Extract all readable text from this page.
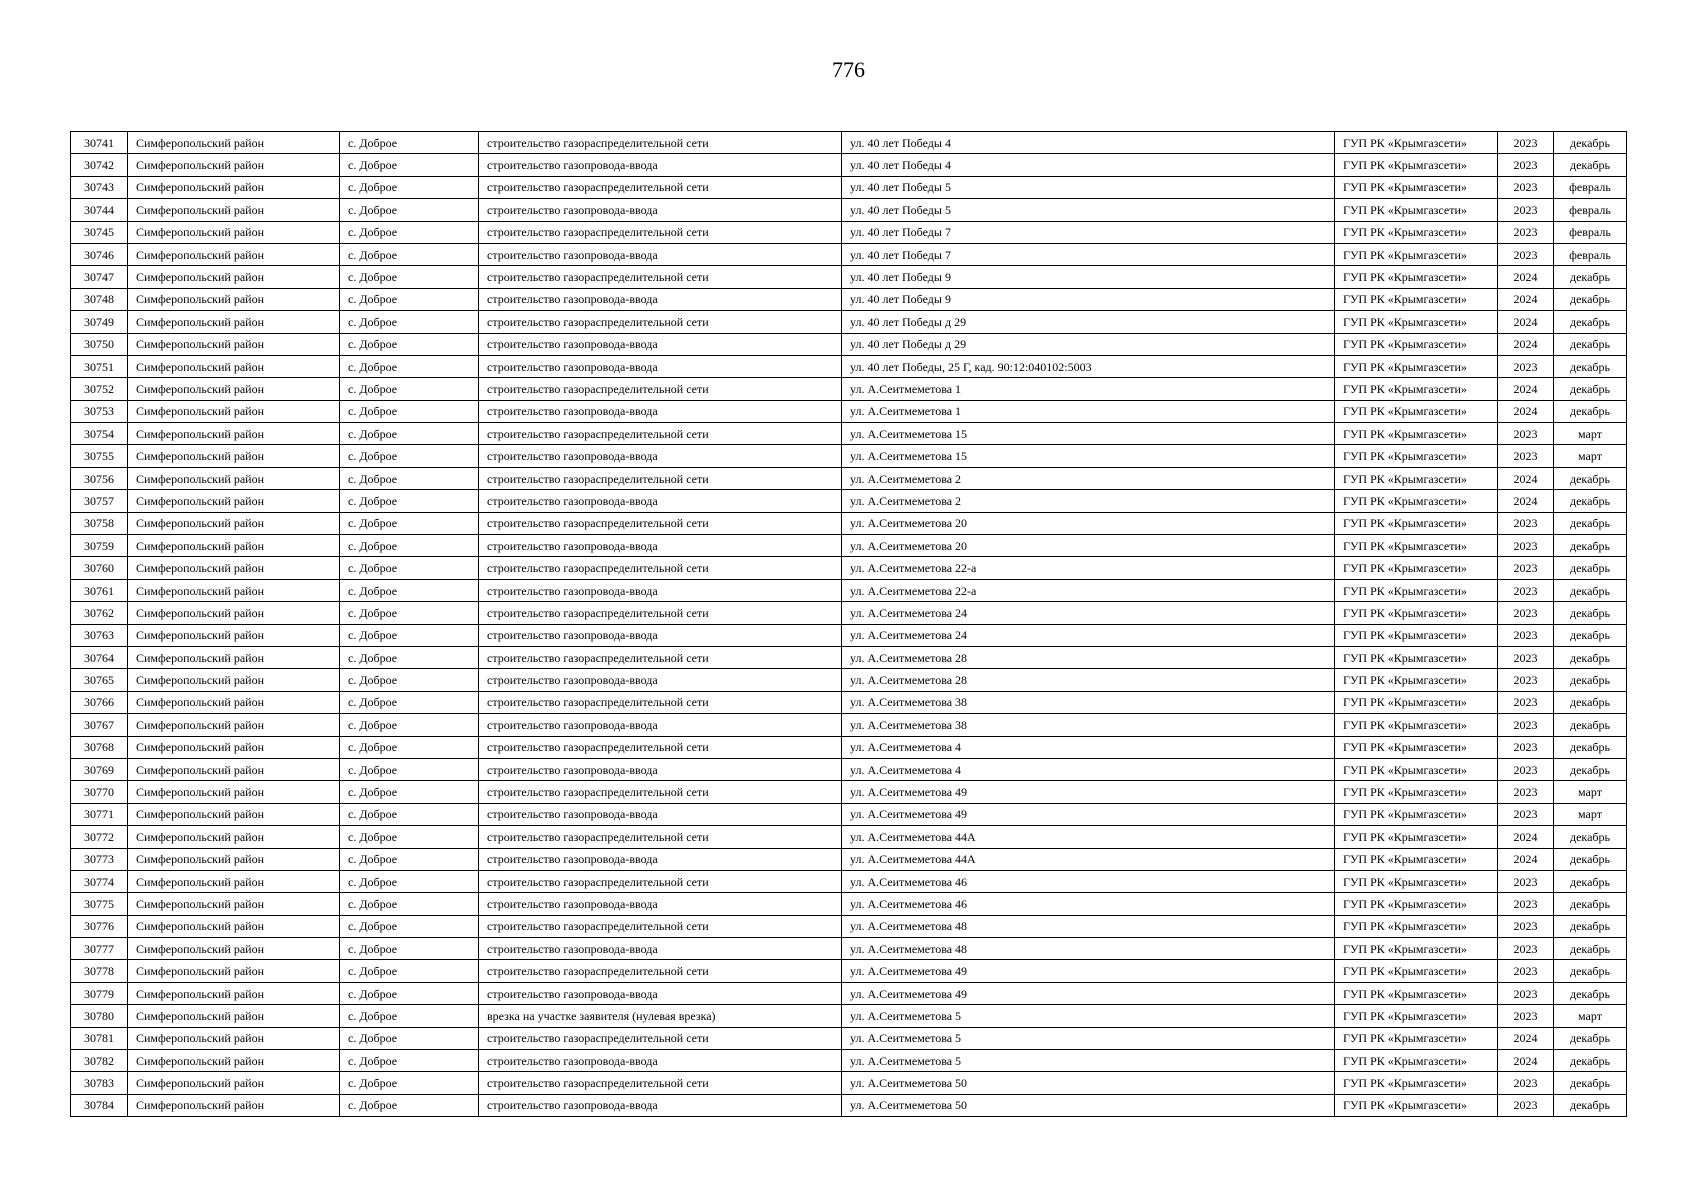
776
30741	Симферопольский район	с. Доброе	строительство газораспределительной сети	ул. 40 лет Победы 4	ГУП РК «Крымгазсети»	2023	декабрь
30742	Симферопольский район	с. Доброе	строительство газопровода-ввода	ул. 40 лет Победы 4	ГУП РК «Крымгазсети»	2023	декабрь
30743	Симферопольский район	с. Доброе	строительство газораспределительной сети	ул. 40 лет Победы 5	ГУП РК «Крымгазсети»	2023	февраль
30744	Симферопольский район	с. Доброе	строительство газопровода-ввода	ул. 40 лет Победы 5	ГУП РК «Крымгазсети»	2023	февраль
30745	Симферопольский район	с. Доброе	строительство газораспределительной сети	ул. 40 лет Победы 7	ГУП РК «Крымгазсети»	2023	февраль
30746	Симферопольский район	с. Доброе	строительство газопровода-ввода	ул. 40 лет Победы 7	ГУП РК «Крымгазсети»	2023	февраль
30747	Симферопольский район	с. Доброе	строительство газораспределительной сети	ул. 40 лет Победы 9	ГУП РК «Крымгазсети»	2024	декабрь
30748	Симферопольский район	с. Доброе	строительство газопровода-ввода	ул. 40 лет Победы 9	ГУП РК «Крымгазсети»	2024	декабрь
30749	Симферопольский район	с. Доброе	строительство газораспределительной сети	ул. 40 лет Победы д 29	ГУП РК «Крымгазсети»	2024	декабрь
30750	Симферопольский район	с. Доброе	строительство газопровода-ввода	ул. 40 лет Победы д 29	ГУП РК «Крымгазсети»	2024	декабрь
30751	Симферопольский район	с. Доброе	строительство газопровода-ввода	ул. 40 лет Победы, 25 Г, кад. 90:12:040102:5003	ГУП РК «Крымгазсети»	2023	декабрь
30752	Симферопольский район	с. Доброе	строительство газораспределительной сети	ул. А.Сеитмеметова 1	ГУП РК «Крымгазсети»	2024	декабрь
30753	Симферопольский район	с. Доброе	строительство газопровода-ввода	ул. А.Сеитмеметова 1	ГУП РК «Крымгазсети»	2024	декабрь
30754	Симферопольский район	с. Доброе	строительство газораспределительной сети	ул. А.Сеитмеметова 15	ГУП РК «Крымгазсети»	2023	март
30755	Симферопольский район	с. Доброе	строительство газопровода-ввода	ул. А.Сеитмеметова 15	ГУП РК «Крымгазсети»	2023	март
30756	Симферопольский район	с. Доброе	строительство газораспределительной сети	ул. А.Сеитмеметова 2	ГУП РК «Крымгазсети»	2024	декабрь
30757	Симферопольский район	с. Доброе	строительство газопровода-ввода	ул. А.Сеитмеметова 2	ГУП РК «Крымгазсети»	2024	декабрь
30758	Симферопольский район	с. Доброе	строительство газораспределительной сети	ул. А.Сеитмеметова 20	ГУП РК «Крымгазсети»	2023	декабрь
30759	Симферопольский район	с. Доброе	строительство газопровода-ввода	ул. А.Сеитмеметова 20	ГУП РК «Крымгазсети»	2023	декабрь
30760	Симферопольский район	с. Доброе	строительство газораспределительной сети	ул. А.Сеитмеметова 22-а	ГУП РК «Крымгазсети»	2023	декабрь
30761	Симферопольский район	с. Доброе	строительство газопровода-ввода	ул. А.Сеитмеметова 22-а	ГУП РК «Крымгазсети»	2023	декабрь
30762	Симферопольский район	с. Доброе	строительство газораспределительной сети	ул. А.Сеитмеметова 24	ГУП РК «Крымгазсети»	2023	декабрь
30763	Симферопольский район	с. Доброе	строительство газопровода-ввода	ул. А.Сеитмеметова 24	ГУП РК «Крымгазсети»	2023	декабрь
30764	Симферопольский район	с. Доброе	строительство газораспределительной сети	ул. А.Сеитмеметова 28	ГУП РК «Крымгазсети»	2023	декабрь
30765	Симферопольский район	с. Доброе	строительство газопровода-ввода	ул. А.Сеитмеметова 28	ГУП РК «Крымгазсети»	2023	декабрь
30766	Симферопольский район	с. Доброе	строительство газораспределительной сети	ул. А.Сеитмеметова 38	ГУП РК «Крымгазсети»	2023	декабрь
30767	Симферопольский район	с. Доброе	строительство газопровода-ввода	ул. А.Сеитмеметова 38	ГУП РК «Крымгазсети»	2023	декабрь
30768	Симферопольский район	с. Доброе	строительство газораспределительной сети	ул. А.Сеитмеметова 4	ГУП РК «Крымгазсети»	2023	декабрь
30769	Симферопольский район	с. Доброе	строительство газопровода-ввода	ул. А.Сеитмеметова 4	ГУП РК «Крымгазсети»	2023	декабрь
30770	Симферопольский район	с. Доброе	строительство газораспределительной сети	ул. А.Сеитмеметова 49	ГУП РК «Крымгазсети»	2023	март
30771	Симферопольский район	с. Доброе	строительство газопровода-ввода	ул. А.Сеитмеметова 49	ГУП РК «Крымгазсети»	2023	март
30772	Симферопольский район	с. Доброе	строительство газораспределительной сети	ул. А.Сеитмеметова 44А	ГУП РК «Крымгазсети»	2024	декабрь
30773	Симферопольский район	с. Доброе	строительство газопровода-ввода	ул. А.Сеитмеметова 44А	ГУП РК «Крымгазсети»	2024	декабрь
30774	Симферопольский район	с. Доброе	строительство газораспределительной сети	ул. А.Сеитмеметова 46	ГУП РК «Крымгазсети»	2023	декабрь
30775	Симферопольский район	с. Доброе	строительство газопровода-ввода	ул. А.Сеитмеметова 46	ГУП РК «Крымгазсети»	2023	декабрь
30776	Симферопольский район	с. Доброе	строительство газораспределительной сети	ул. А.Сеитмеметова 48	ГУП РК «Крымгазсети»	2023	декабрь
30777	Симферопольский район	с. Доброе	строительство газопровода-ввода	ул. А.Сеитмеметова 48	ГУП РК «Крымгазсети»	2023	декабрь
30778	Симферопольский район	с. Доброе	строительство газораспределительной сети	ул. А.Сеитмеметова 49	ГУП РК «Крымгазсети»	2023	декабрь
30779	Симферопольский район	с. Доброе	строительство газопровода-ввода	ул. А.Сеитмеметова 49	ГУП РК «Крымгазсети»	2023	декабрь
30780	Симферопольский район	с. Доброе	врезка на участке заявителя (нулевая врезка)	ул. А.Сеитмеметова 5	ГУП РК «Крымгазсети»	2023	март
30781	Симферопольский район	с. Доброе	строительство газораспределительной сети	ул. А.Сеитмеметова 5	ГУП РК «Крымгазсети»	2024	декабрь
30782	Симферопольский район	с. Доброе	строительство газопровода-ввода	ул. А.Сеитмеметова 5	ГУП РК «Крымгазсети»	2024	декабрь
30783	Симферопольский район	с. Доброе	строительство газораспределительной сети	ул. А.Сеитмеметова 50	ГУП РК «Крымгазсети»	2023	декабрь
30784	Симферопольский район	с. Доброе	строительство газопровода-ввода	ул. А.Сеитмеметова 50	ГУП РК «Крымгазсети»	2023	декабрь
